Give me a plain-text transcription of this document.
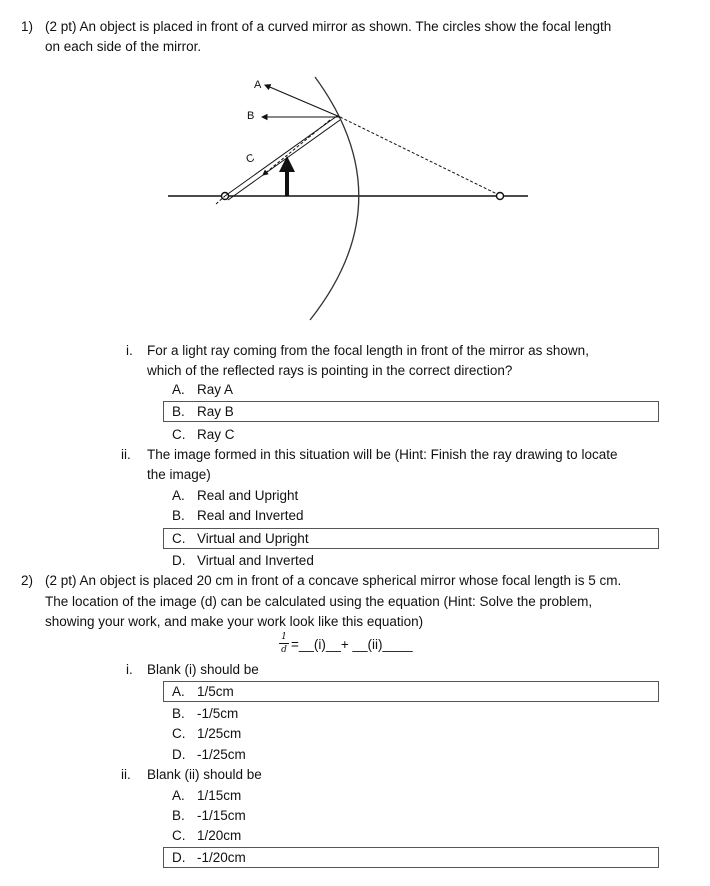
1) (2 pt) An object is placed in front of a curved mirror as shown. The circles show the focal length
on each side of the mirror.
A
B
C
i. For a light ray coming from the focal length in front of the mirror as shown,
which of the reflected rays is pointing in the correct direction?
A. Ray A
B. Ray B
C. Ray C
ii. The image formed in this situation will be (Hint: Finish the ray drawing to locate
the image)
A. Real and Upright
B. Real and Inverted
C. Virtual and Upright
D. Virtual and Inverted
2) (2 pt) An object is placed 20 cm in front of a concave spherical mirror whose focal length is 5 cm.
The location of the image (d) can be calculated using the equation (Hint: Solve the problem,
showing your work, and make your work look like this equation)
1
d =__(i)__+ __(ii)____
i. Blank (i) should be
A. 1/5cm
B. -1/5cm
C. 1/25cm
D. -1/25cm
ii. Blank (ii) should be
A. 1/15cm
B. -1/15cm
C. 1/20cm
D. -1/20cm
